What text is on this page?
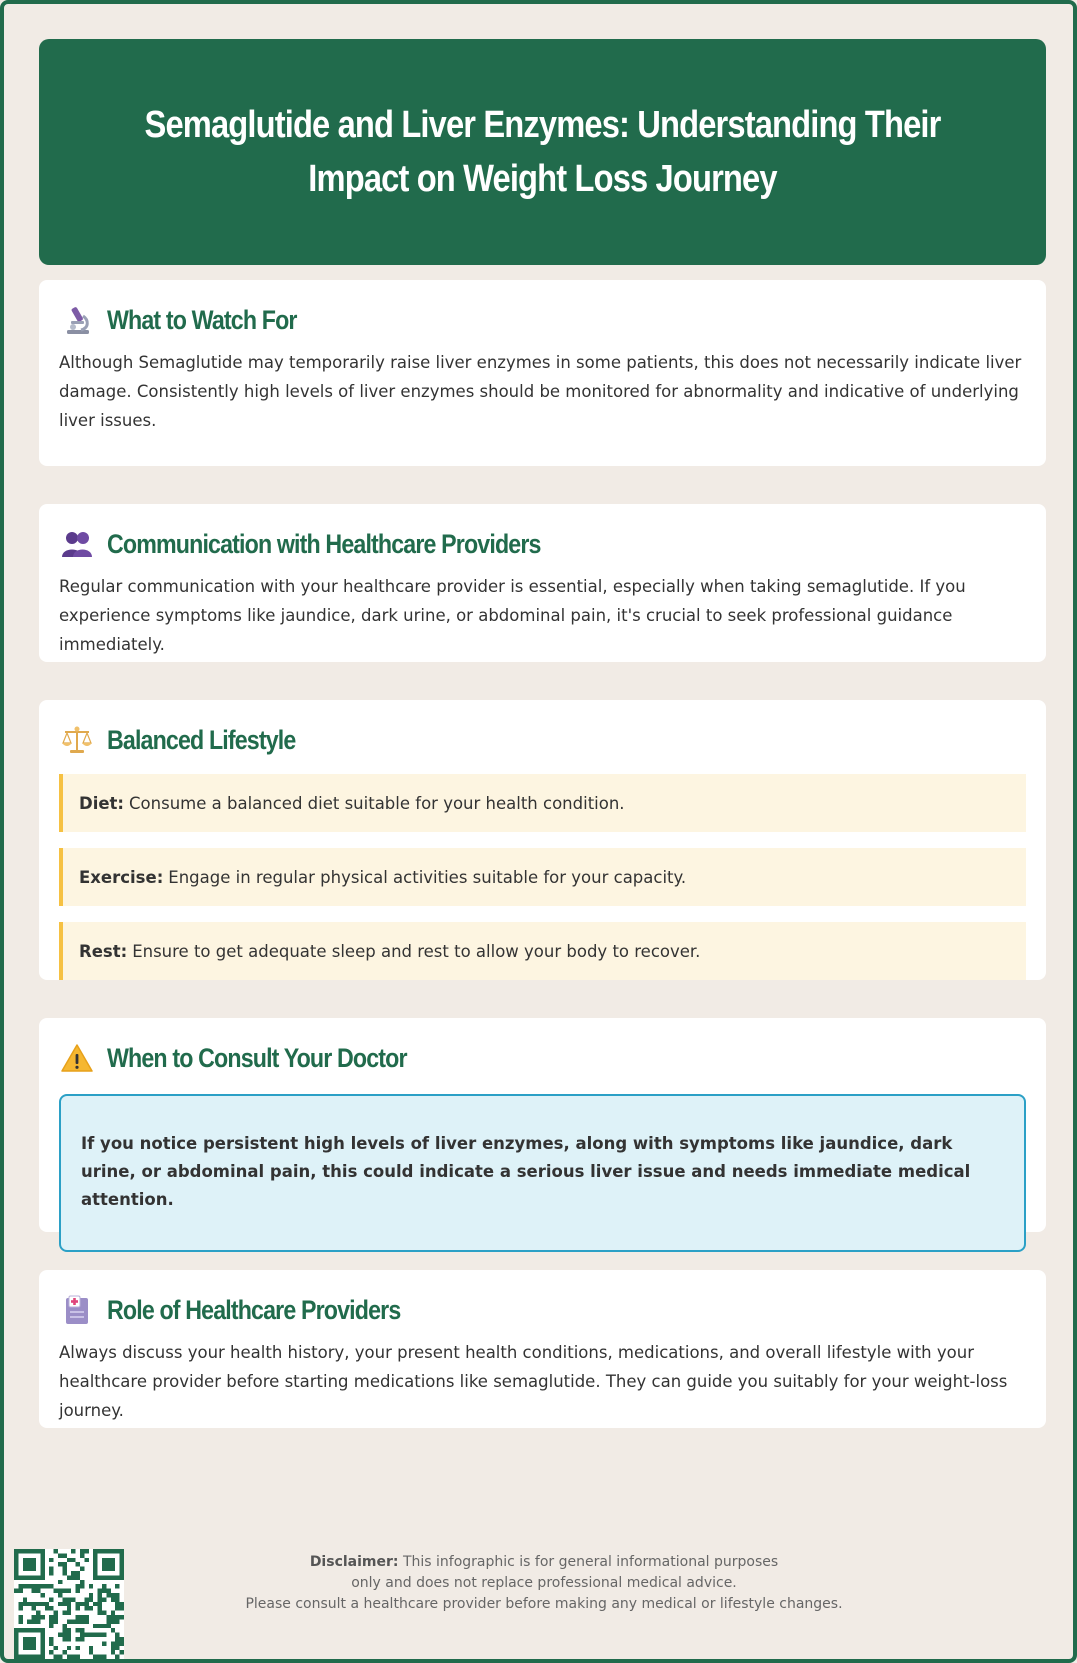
Semaglutide and Liver Enzymes: Understanding Their Impact on Weight Loss Journey
What to Watch For

Although Semaglutide may temporarily raise liver enzymes in some patients, this does not necessarily indicate liver damage. Consistently high levels of liver enzymes should be monitored for abnormality and indicative of underlying liver issues.

Communication with Healthcare Providers

Regular communication with your healthcare provider is essential, especially when taking semaglutide. If you experience symptoms like jaundice, dark urine, or abdominal pain, it's crucial to seek professional guidance immediately.

Balanced Lifestyle
Diet: Consume a balanced diet suitable for your health condition.
Exercise: Engage in regular physical activities suitable for your capacity.
Rest: Ensure to get adequate sleep and rest to allow your body to recover.
When to Consult Your Doctor
If you notice persistent high levels of liver enzymes, along with symptoms like jaundice, dark urine, or abdominal pain, this could indicate a serious liver issue and needs immediate medical attention.
Role of Healthcare Providers

Always discuss your health history, your present health conditions, medications, and overall lifestyle with your healthcare provider before starting medications like semaglutide. They can guide you suitably for your weight-loss journey.

Disclaimer: This infographic is for general informational purposes
only and does not replace professional medical advice.
Please consult a healthcare provider before making any medical or lifestyle changes.
